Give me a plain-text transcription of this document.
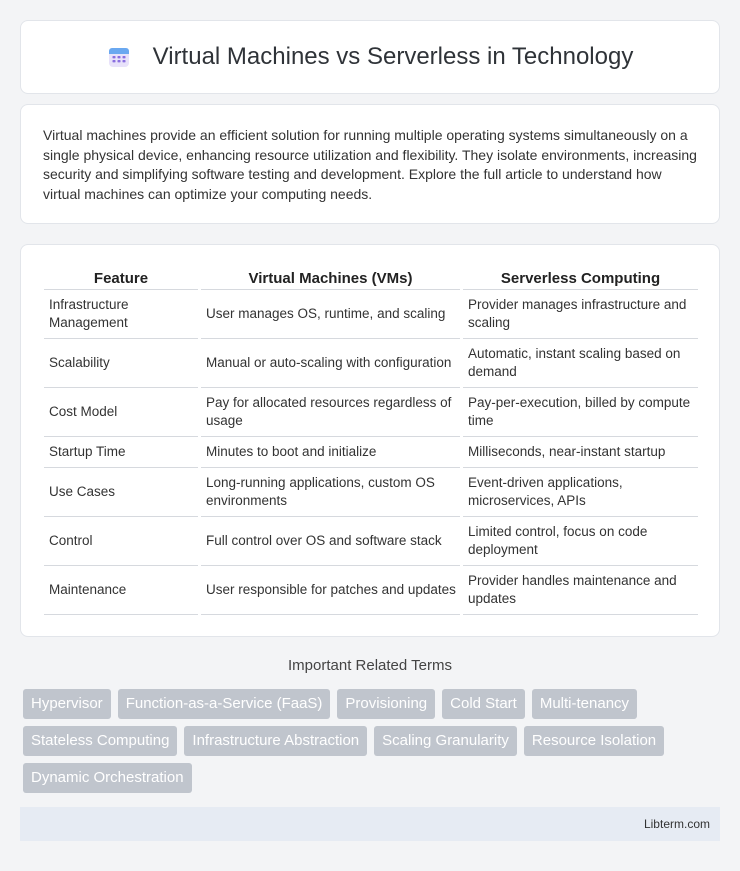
Virtual Machines vs Serverless in Technology

Virtual machines provide an efficient solution for running multiple operating systems simultaneously on a single physical device, enhancing resource utilization and flexibility. They isolate environments, increasing security and simplifying software testing and development. Explore the full article to understand how virtual machines can optimize your computing needs.

Feature	Virtual Machines (VMs)	Serverless Computing
Infrastructure Management	User manages OS, runtime, and scaling	Provider manages infrastructure and scaling
Scalability	Manual or auto-scaling with configuration	Automatic, instant scaling based on demand
Cost Model	Pay for allocated resources regardless of usage	Pay-per-execution, billed by compute time
Startup Time	Minutes to boot and initialize	Milliseconds, near-instant startup
Use Cases	Long-running applications, custom OS environments	Event-driven applications, microservices, APIs
Control	Full control over OS and software stack	Limited control, focus on code deployment
Maintenance	User responsible for patches and updates	Provider handles maintenance and updates
Important Related Terms
Hypervisor	Function-as-a-Service (FaaS)	Provisioning	Cold Start	Multi-tenancy
Stateless Computing	Infrastructure Abstraction	Scaling Granularity	Resource Isolation
Dynamic Orchestration
Libterm.com
